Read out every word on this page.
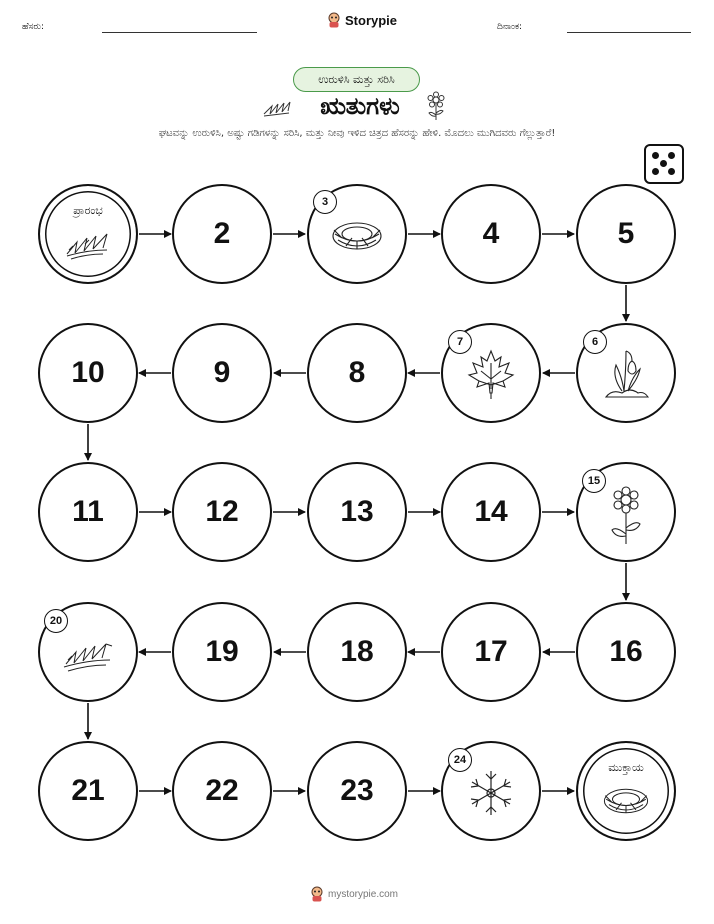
ಹೆಸರು:	Storypie	ದಿನಾಂಕ:
ಉರುಳಿಸಿ ಮತ್ತು ಸರಿಸಿ
ಋತುಗಳು
ಘಟವನ್ನು ಉರುಳಿಸಿ, ಅಷ್ಟು ಗಡಿಗಳನ್ನು ಸರಿಸಿ, ಮತ್ತು ನೀವು ಇಳಿದ ಚಿತ್ರದ ಹೆಸರನ್ನು ಹೇಳಿ. ಮೊದಲು ಮುಗಿದವರು ಗೆಲ್ಲುತ್ತಾರೆ!
ಪ್ರಾರಂಭ
2
3
4	5
10	9	8
7	6
11	12	13	14
15
20
19	18	17	16
21	22	23
24
ಮುಕ್ತಾಯ
mystorypie.com
